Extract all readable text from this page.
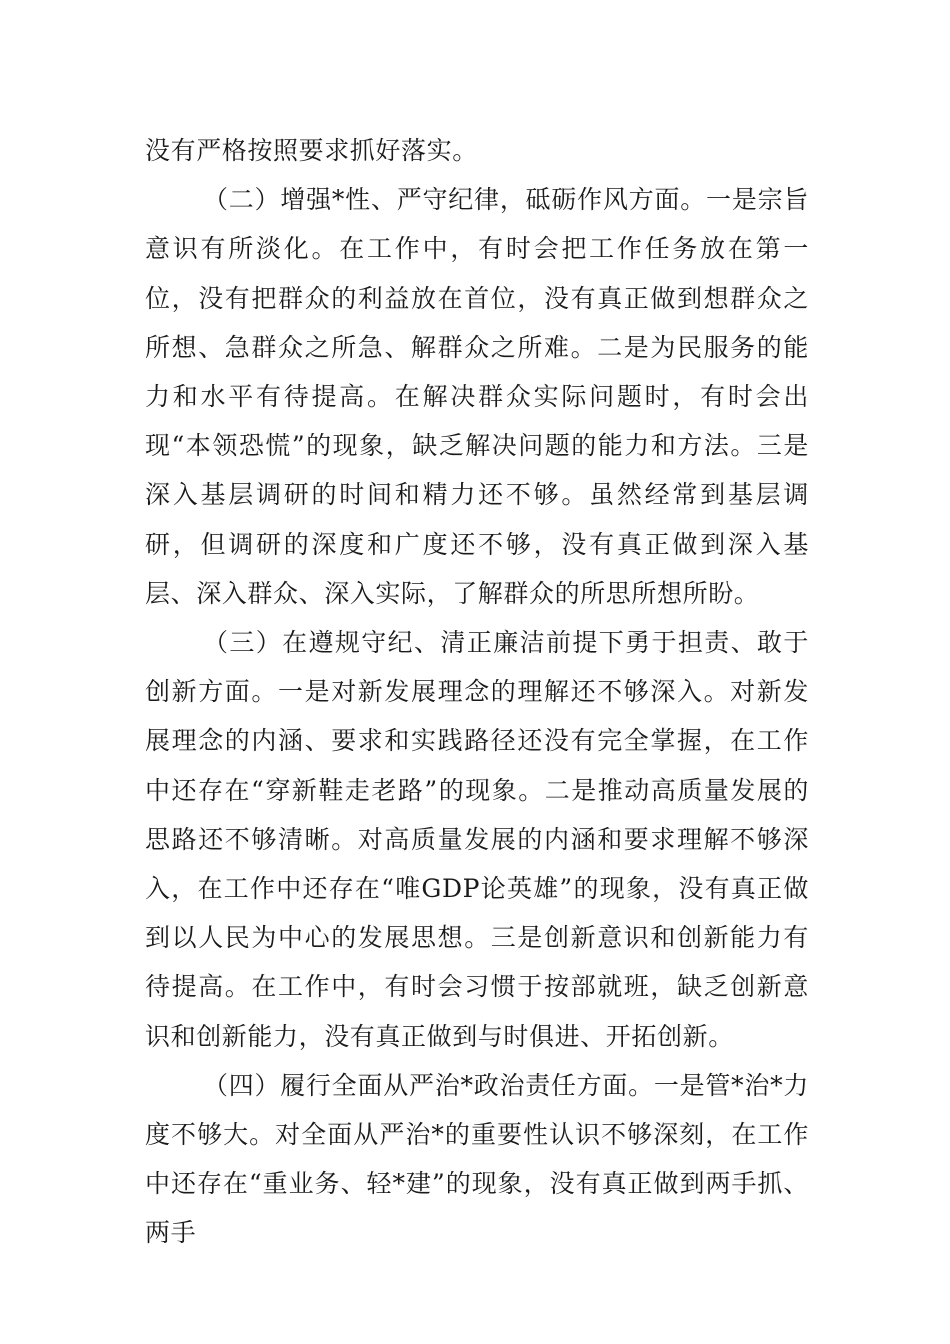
没有严格按照要求抓好落实。

（二）增强*性、严守纪律，砥砺作风方面。一是宗旨意识有所淡化。在工作中，有时会把工作任务放在第一位，没有把群众的利益放在首位，没有真正做到想群众之所想、急群众之所急、解群众之所难。二是为民服务的能力和水平有待提高。在解决群众实际问题时，有时会出现“本领恐慌”的现象，缺乏解决问题的能力和方法。三是深入基层调研的时间和精力还不够。虽然经常到基层调研，但调研的深度和广度还不够，没有真正做到深入基层、深入群众、深入实际，了解群众的所思所想所盼。

（三）在遵规守纪、清正廉洁前提下勇于担责、敢于创新方面。一是对新发展理念的理解还不够深入。对新发展理念的内涵、要求和实践路径还没有完全掌握，在工作中还存在“穿新鞋走老路”的现象。二是推动高质量发展的思路还不够清晰。对高质量发展的内涵和要求理解不够深入，在工作中还存在“唯GDP论英雄”的现象，没有真正做到以人民为中心的发展思想。三是创新意识和创新能力有待提高。在工作中，有时会习惯于按部就班，缺乏创新意识和创新能力，没有真正做到与时俱进、开拓创新。

（四）履行全面从严治*政治责任方面。一是管*治*力度不够大。对全面从严治*的重要性认识不够深刻，在工作中还存在“重业务、轻*建”的现象，没有真正做到两手抓、两手
